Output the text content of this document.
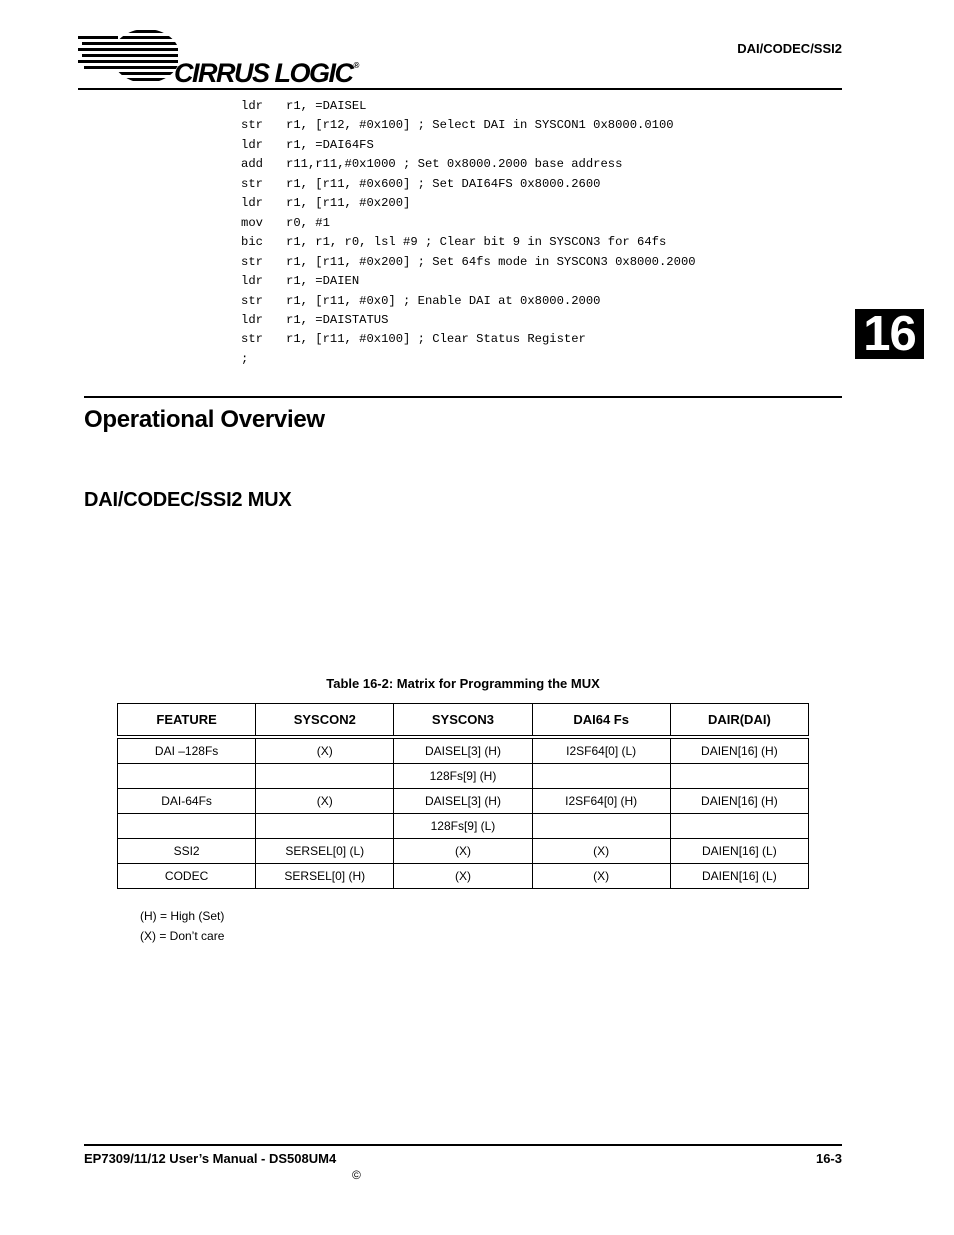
CIRRUS LOGIC®
DAI/CODEC/SSI2
ldr r1, =DAISEL
str r1, [r12, #0x100] ; Select DAI in SYSCON1 0x8000.0100
ldr r1, =DAI64FS
add r11,r11,#0x1000 ; Set 0x8000.2000 base address
str r1, [r11, #0x600] ; Set DAI64FS 0x8000.2600
ldr r1, [r11, #0x200]
mov r0, #1
bic r1, r1, r0, lsl #9 ; Clear bit 9 in SYSCON3 for 64fs
str r1, [r11, #0x200] ; Set 64fs mode in SYSCON3 0x8000.2000
ldr r1, =DAIEN
str r1, [r11, #0x0] ; Enable DAI at 0x8000.2000
ldr r1, =DAISTATUS
str r1, [r11, #0x100] ; Clear Status Register
;	16
Operational Overview
DAI/CODEC/SSI2 MUX
Table 16-2: Matrix for Programming the MUX
FEATURE	SYSCON2	SYSCON3	DAI64 Fs	DAIR(DAI)
DAI –128Fs	(X)	DAISEL[3] (H)	I2SF64[0] (L)	DAIEN[16] (H)
		128Fs[9] (H)		
DAI-64Fs	(X)	DAISEL[3] (H)	I2SF64[0] (H)	DAIEN[16] (H)
		128Fs[9] (L)		
SSI2	SERSEL[0] (L)	(X)	(X)	DAIEN[16] (L)
CODEC	SERSEL[0] (H)	(X)	(X)	DAIEN[16] (L)
(H) = High (Set)
(X) = Don’t care
EP7309/11/12 User’s Manual - DS508UM4	16-3
©
